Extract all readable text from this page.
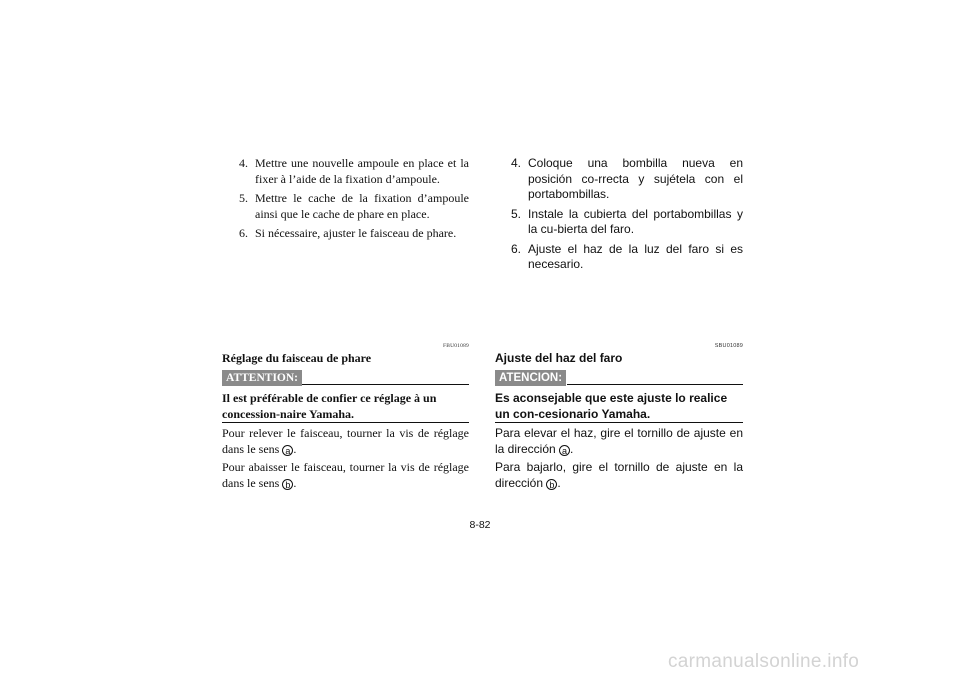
4. Mettre une nouvelle ampoule en place et la fixer à l’aide de la fixation d’ampoule.
5. Mettre le cache de la fixation d’ampoule ainsi que le cache de phare en place.
6. Si nécessaire, ajuster le faisceau de phare.
FBU01089
Réglage du faisceau de phare
ATTENTION:
Il est préférable de confier ce réglage à un concession-naire Yamaha.

Pour relever le faisceau, tourner la vis de réglage dans le sens a .

Pour abaisser le faisceau, tourner la vis de réglage dans le sens b .

4. Coloque una bombilla nueva en posición co-rrecta y sujétela con el portabombillas.
5. Instale la cubierta del portabombillas y la cu-bierta del faro.
6. Ajuste el haz de la luz del faro si es necesario.
SBU01089
Ajuste del haz del faro
ATENCION:
Es aconsejable que este ajuste lo realice un con-cesionario Yamaha.

Para elevar el haz, gire el tornillo de ajuste en la dirección a .

Para bajarlo, gire el tornillo de ajuste en la dirección b .

8-82
carmanualsonline.info
